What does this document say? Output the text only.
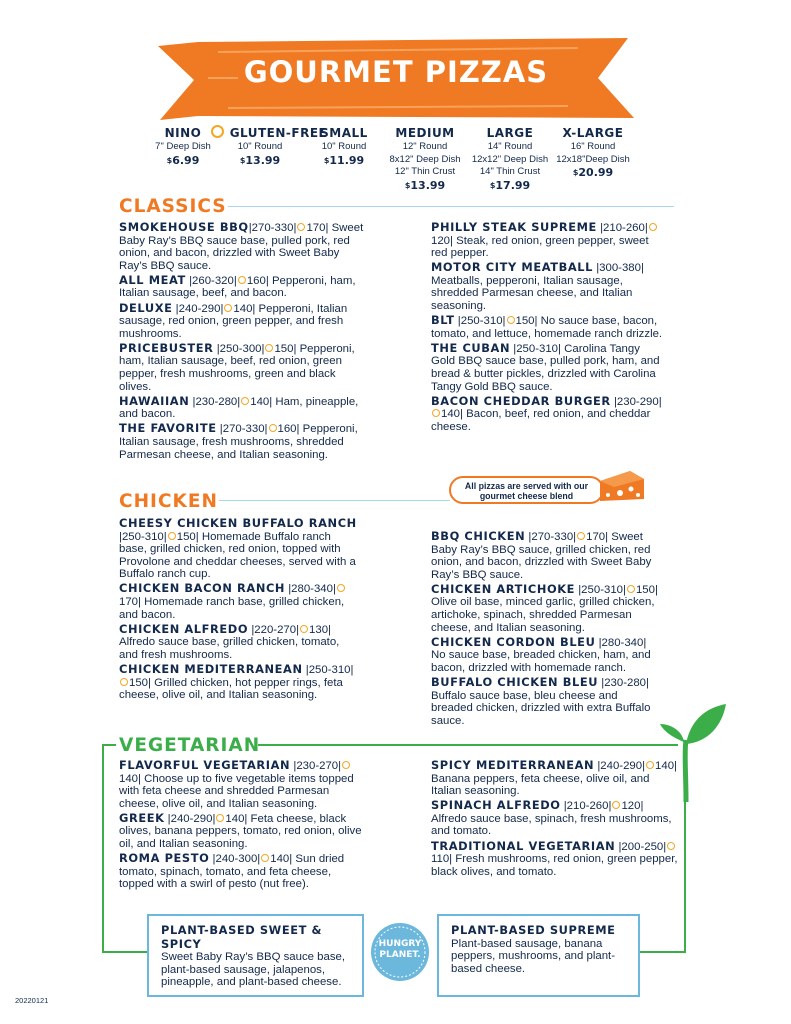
GOURMET PIZZAS
NINO
7" Deep Dish
$6.99
GLUTEN-FREE
10" Round
$13.99
SMALL
10" Round
$11.99
MEDIUM
12" Round
8x12" Deep Dish
12" Thin Crust
$13.99
LARGE
14" Round
12x12" Deep Dish
14" Thin Crust
$17.99
X-LARGE
16" Round
12x18"Deep Dish
$20.99
CLASSICS
SMOKEHOUSE BBQ|270-330| 170| Sweet Baby Ray’s BBQ sauce base, pulled pork, red onion, and bacon, drizzled with Sweet Baby Ray’s BBQ sauce.
ALL MEAT |260-320| 160| Pepperoni, ham, Italian sausage, beef, and bacon.
DELUXE |240-290| 140| Pepperoni, Italian sausage, red onion, green pepper, and fresh mushrooms.
PRICEBUSTER |250-300| 150| Pepperoni, ham, Italian sausage, beef, red onion, green pepper, fresh mushrooms, green and black olives.
HAWAIIAN |230-280| 140| Ham, pineapple, and bacon.
THE FAVORITE |270-330| 160| Pepperoni, Italian sausage, fresh mushrooms, shredded Parmesan cheese, and Italian seasoning.
PHILLY STEAK SUPREME |210-260|120| Steak, red onion, green pepper, sweet red pepper.
MOTOR CITY MEATBALL |300-380| Meatballs, pepperoni, Italian sausage, shredded Parmesan cheese, and Italian seasoning.
BLT |250-310| 150| No sauce base, bacon, tomato, and lettuce, homemade ranch drizzle.
THE CUBAN |250-310| Carolina Tangy Gold BBQ sauce base, pulled pork, ham, and bread & butter pickles, drizzled with Carolina Tangy Gold BBQ sauce.
BACON CHEDDAR BURGER |230-290|140| Bacon, beef, red onion, and cheddar cheese.
CHICKEN
All pizzas are served with our gourmet cheese blend
CHEESY CHICKEN BUFFALO RANCH |250-310| 150| Homemade Buffalo ranch base, grilled chicken, red onion, topped with Provolone and cheddar cheeses, served with a Buffalo ranch cup.
CHICKEN BACON RANCH |280-340|170| Homemade ranch base, grilled chicken, and bacon.
CHICKEN ALFREDO |220-270| 130| Alfredo sauce base, grilled chicken, tomato, and fresh mushrooms.
CHICKEN MEDITERRANEAN |250-310|150| Grilled chicken, hot pepper rings, feta cheese, olive oil, and Italian seasoning.
BBQ CHICKEN |270-330| 170| Sweet Baby Ray’s BBQ sauce, grilled chicken, red onion, and bacon, drizzled with Sweet Baby Ray’s BBQ sauce.
CHICKEN ARTICHOKE |250-310| 150| Olive oil base, minced garlic, grilled chicken, artichoke, spinach, shredded Parmesan cheese, and Italian seasoning.
CHICKEN CORDON BLEU |280-340| No sauce base, breaded chicken, ham, and bacon, drizzled with homemade ranch.
BUFFALO CHICKEN BLEU |230-280| Buffalo sauce base, bleu cheese and breaded chicken, drizzled with extra Buffalo sauce.
VEGETARIAN
FLAVORFUL VEGETARIAN |230-270|140| Choose up to five vegetable items topped with feta cheese and shredded Parmesan cheese, olive oil, and Italian seasoning.
GREEK |240-290| 140| Feta cheese, black olives, banana peppers, tomato, red onion, olive oil, and Italian seasoning.
ROMA PESTO |240-300| 140| Sun dried tomato, spinach, tomato, and feta cheese, topped with a swirl of pesto (nut free).
SPICY MEDITERRANEAN |240-290| 140| Banana peppers, feta cheese, olive oil, and Italian seasoning.
SPINACH ALFREDO |210-260| 120| Alfredo sauce base, spinach, fresh mushrooms, and tomato.
TRADITIONAL VEGETARIAN |200-250|110| Fresh mushrooms, red onion, green pepper, black olives, and tomato.
PLANT-BASED SWEET & SPICY
Sweet Baby Ray’s BBQ sauce base, plant-based sausage, jalapenos, pineapple, and plant-based cheese.
PLANT-BASED SUPREME
Plant-based sausage, banana peppers, mushrooms, and plant-based cheese.
HUNGRY
PLANET.
20220121
